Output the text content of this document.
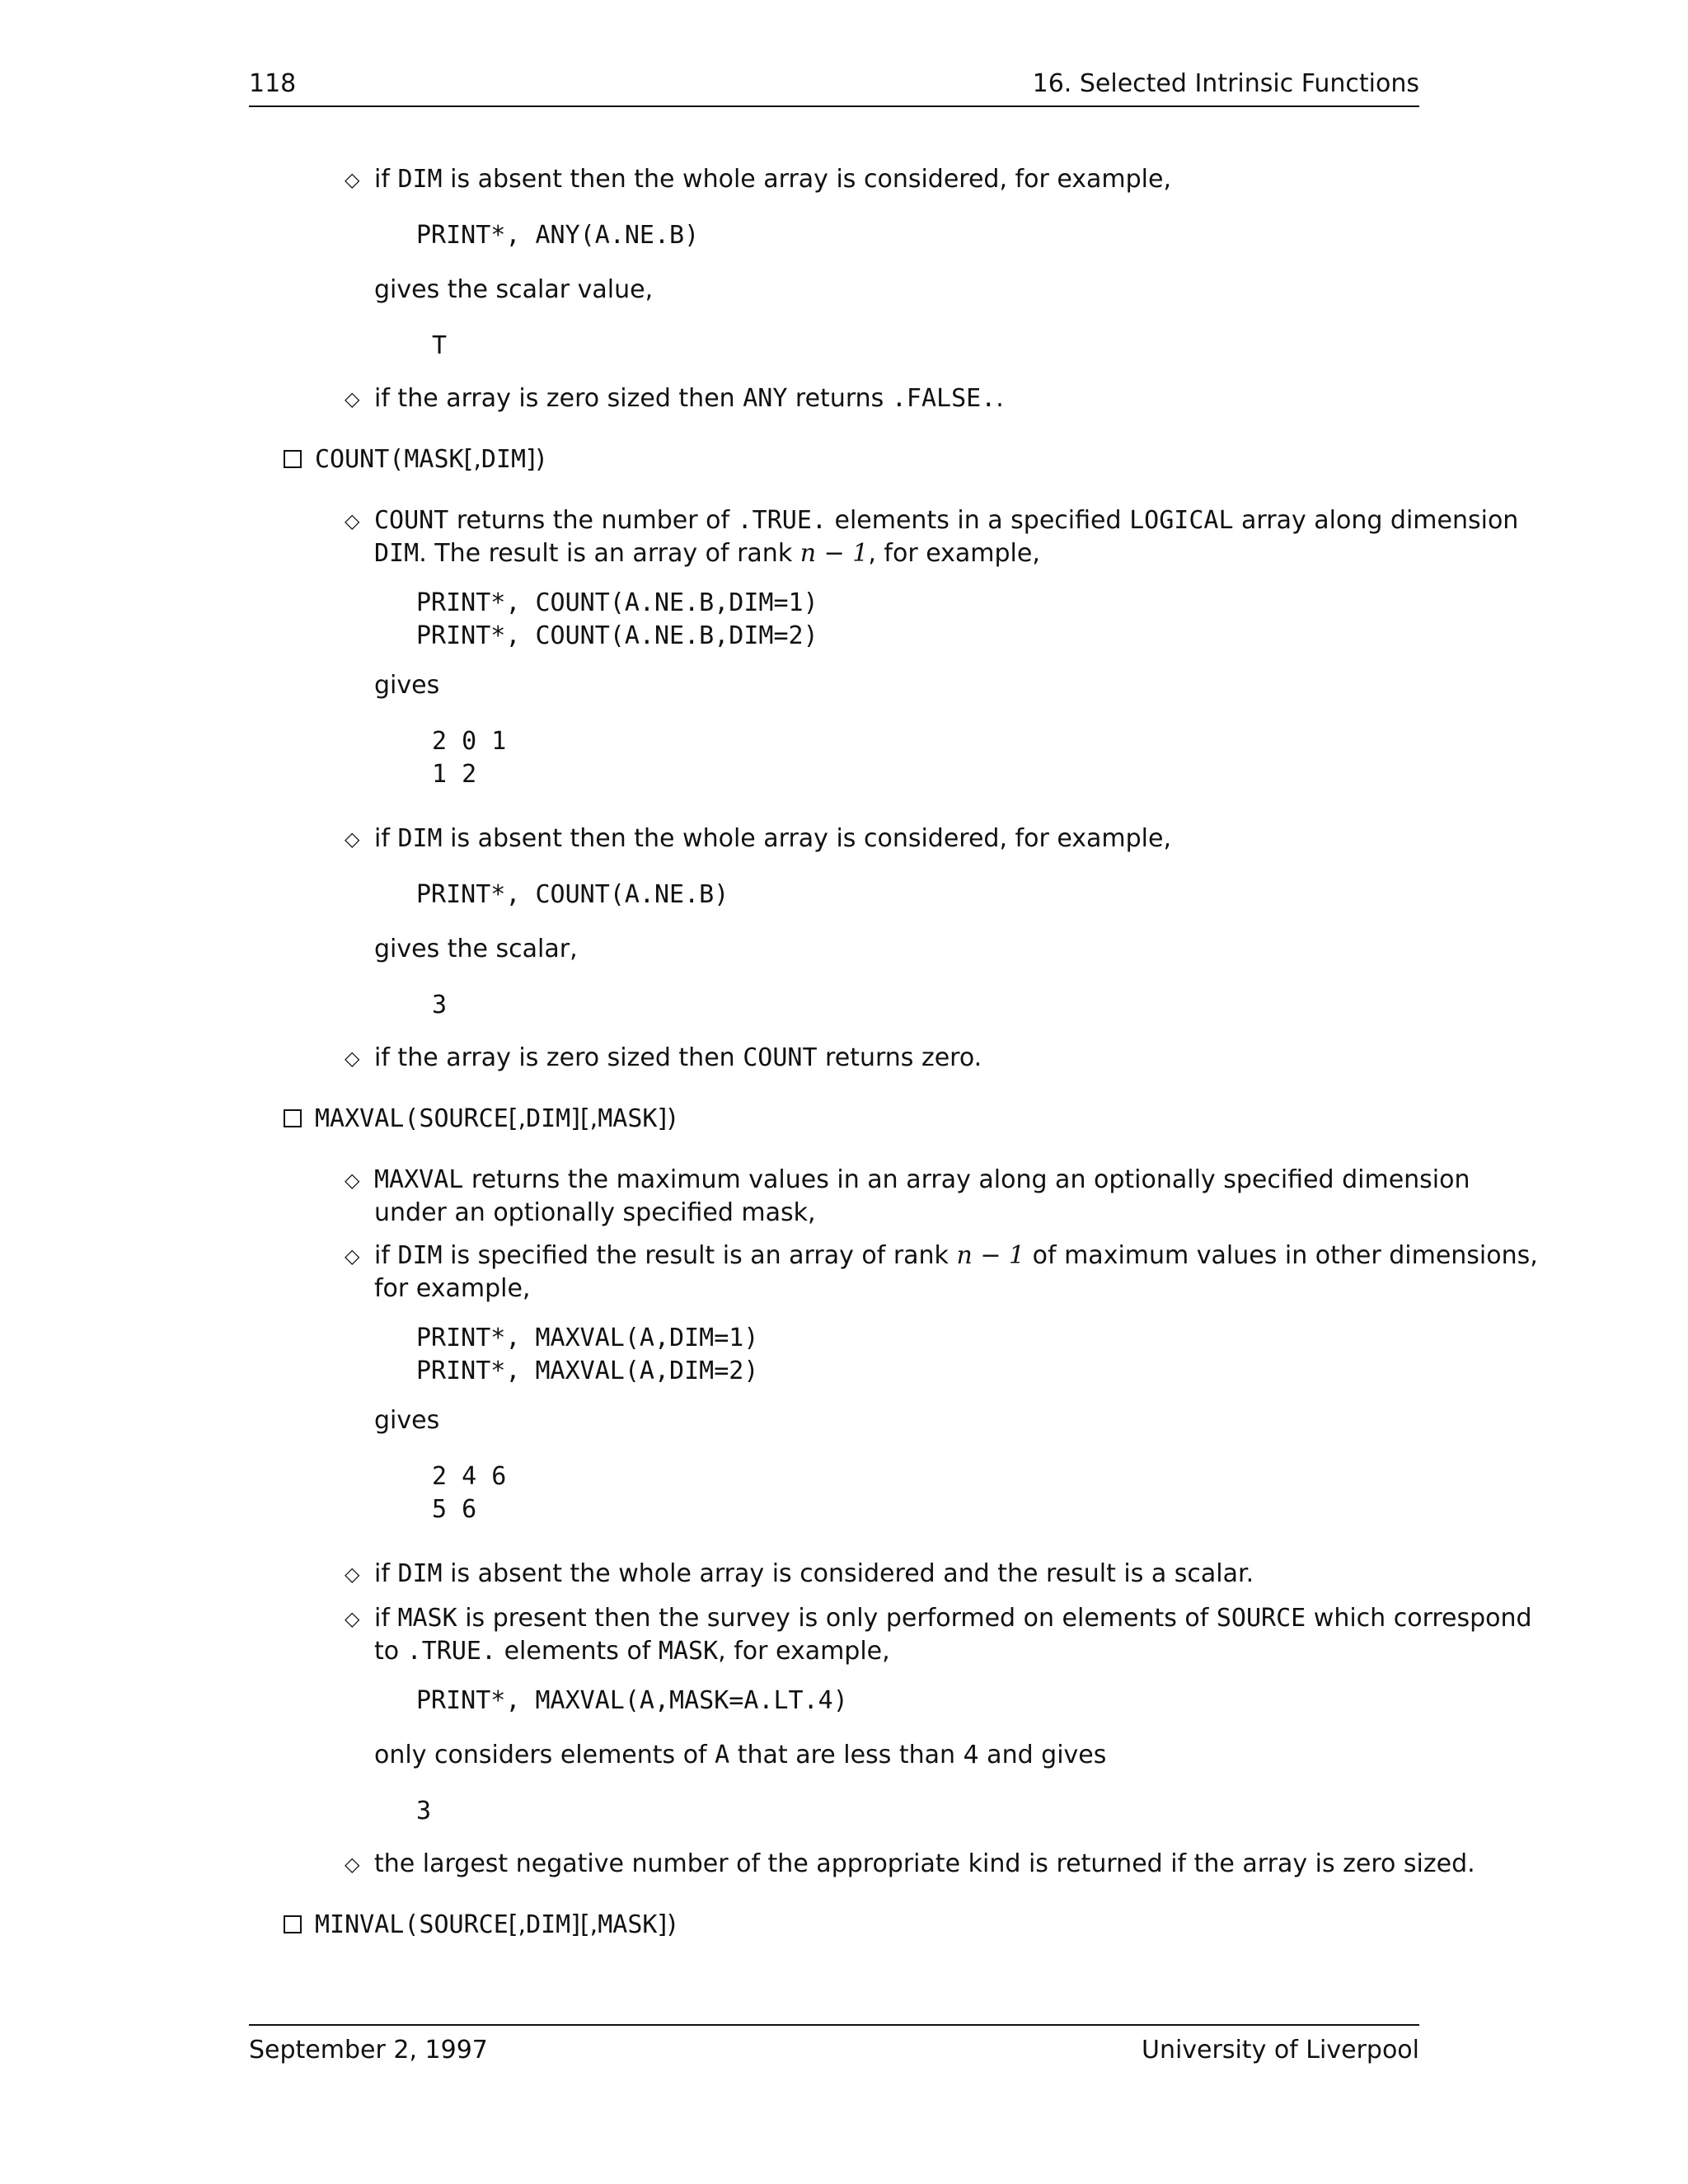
118	16. Selected Intrinsic Functions
◇ if DIM is absent then the whole array is considered, for example,
PRINT*, ANY(A.NE.B)
gives the scalar value,
T
◇ if the array is zero sized then ANY returns .FALSE..
COUNT(MASK[,DIM])
◇ COUNT returns the number of .TRUE. elements in a specified LOGICAL array along dimension
DIM. The result is an array of rank n − 1, for example,
PRINT*, COUNT(A.NE.B,DIM=1)
PRINT*, COUNT(A.NE.B,DIM=2)
gives
2 0 1
1 2
◇ if DIM is absent then the whole array is considered, for example,
PRINT*, COUNT(A.NE.B)
gives the scalar,
3
◇ if the array is zero sized then COUNT returns zero.
MAXVAL(SOURCE[,DIM][,MASK])
◇ MAXVAL returns the maximum values in an array along an optionally specified dimension
under an optionally specified mask,
◇ if DIM is specified the result is an array of rank n − 1 of maximum values in other dimensions,
for example,
PRINT*, MAXVAL(A,DIM=1)
PRINT*, MAXVAL(A,DIM=2)
gives
2 4 6
5 6
◇ if DIM is absent the whole array is considered and the result is a scalar.
◇ if MASK is present then the survey is only performed on elements of SOURCE which correspond
to .TRUE. elements of MASK, for example,
PRINT*, MAXVAL(A,MASK=A.LT.4)
only considers elements of A that are less than 4 and gives
3
◇ the largest negative number of the appropriate kind is returned if the array is zero sized.
MINVAL(SOURCE[,DIM][,MASK])
September 2, 1997	University of Liverpool
